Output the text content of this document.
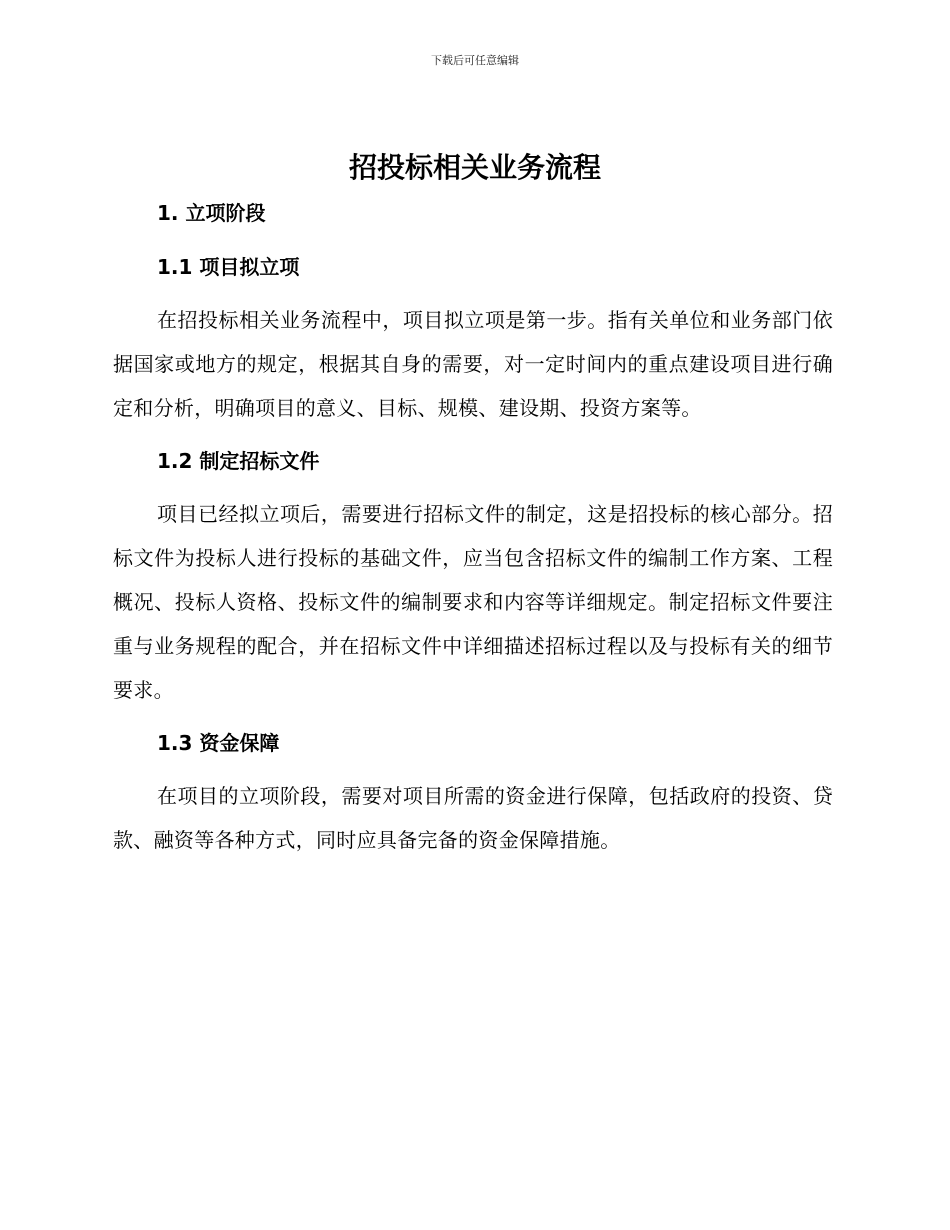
下载后可任意编辑
招投标相关业务流程
1. 立项阶段
1.1 项目拟立项

在招投标相关业务流程中，项目拟立项是第一步。指有关单位和业务部门依据国家或地方的规定，根据其自身的需要，对一定时间内的重点建设项目进行确定和分析，明确项目的意义、目标、规模、建设期、投资方案等。

1.2 制定招标文件

项目已经拟立项后，需要进行招标文件的制定，这是招投标的核心部分。招标文件为投标人进行投标的基础文件，应当包含招标文件的编制工作方案、工程概况、投标人资格、投标文件的编制要求和内容等详细规定。制定招标文件要注重与业务规程的配合，并在招标文件中详细描述招标过程以及与投标有关的细节要求。

1.3 资金保障

在项目的立项阶段，需要对项目所需的资金进行保障，包括政府的投资、贷款、融资等各种方式，同时应具备完备的资金保障措施。
